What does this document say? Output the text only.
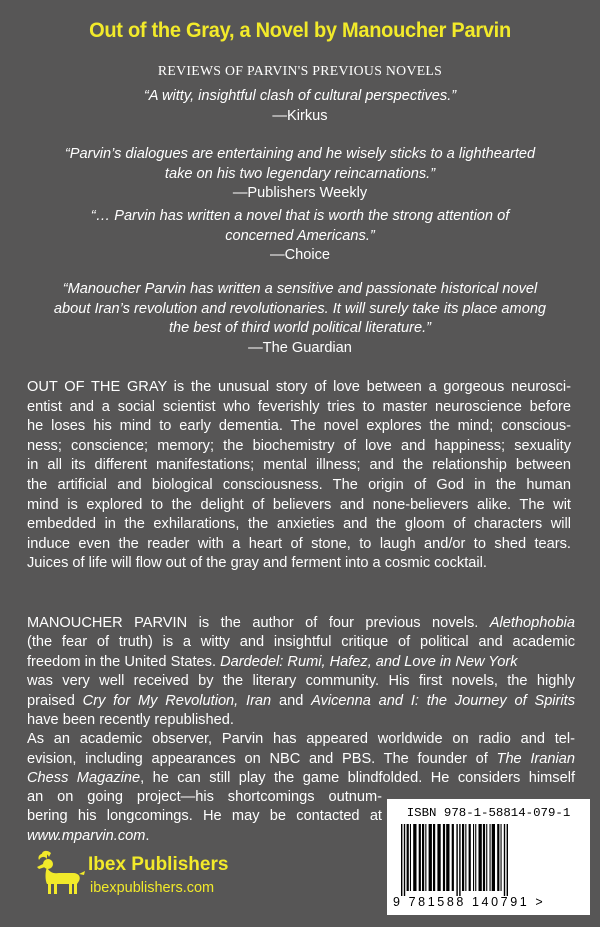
Out of the Gray, a Novel by Manoucher Parvin
REVIEWS OF PARVIN'S PREVIOUS NOVELS
“A witty, insightful clash of cultural perspectives.”
—Kirkus
“Parvin’s dialogues are entertaining and he wisely sticks to a lighthearted
take on his two legendary reincarnations.”
—Publishers Weekly
“… Parvin has written a novel that is worth the strong attention of
concerned Americans.”
—Choice
“Manoucher Parvin has written a sensitive and passionate historical novel
about Iran’s revolution and revolutionaries. It will surely take its place among
the best of third world political literature.”
—The Guardian
OUT OF THE GRAY is the unusual story of love between a gorgeous neurosci-
entist and a social scientist who feverishly tries to master neuroscience before
he loses his mind to early dementia. The novel explores the mind; conscious-
ness; conscience; memory; the biochemistry of love and happiness; sexuality
in all its different manifestations; mental illness; and the relationship between
the artificial and biological consciousness. The origin of God in the human
mind is explored to the delight of believers and none-believers alike. The wit
embedded in the exhilarations, the anxieties and the gloom of characters will
induce even the reader with a heart of stone, to laugh and/or to shed tears.
Juices of life will flow out of the gray and ferment into a cosmic cocktail.
MANOUCHER PARVIN is the author of four previous novels. Alethophobia
(the fear of truth) is a witty and insightful critique of political and academic
freedom in the United States. Dardedel: Rumi, Hafez, and Love in New York
was very well received by the literary community. His first novels, the highly
praised Cry for My Revolution, Iran and Avicenna and I: the Journey of Spirits
have been recently republished.
As an academic observer, Parvin has appeared worldwide on radio and tel-
evision, including appearances on NBC and PBS. The founder of The Iranian
Chess Magazine, he can still play the game blindfolded. He considers himself
an on going project—his shortcomings outnum-
bering his longcomings. He may be contacted at
www.mparvin.com.
ISBN 978-1-58814-079-1
9 781588 140791 >
Ibex Publishers
ibexpublishers.com
